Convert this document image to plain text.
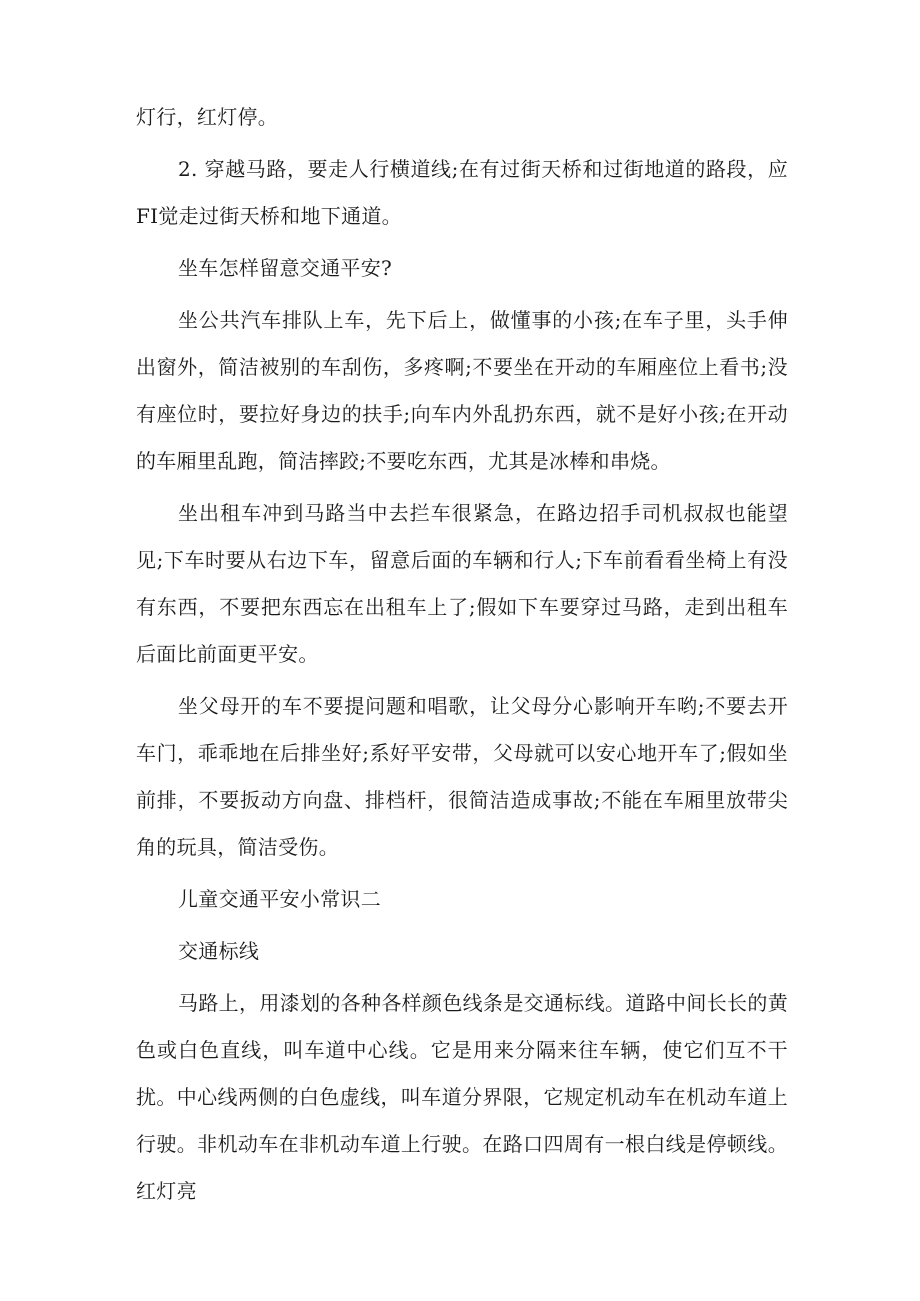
灯行，红灯停。

2. 穿越马路，要走人行横道线;在有过街天桥和过街地道的路段，应FI觉走过街天桥和地下通道。

坐车怎样留意交通平安?

坐公共汽车排队上车，先下后上，做懂事的小孩;在车子里，头手伸出窗外，简洁被别的车刮伤，多疼啊;不要坐在开动的车厢座位上看书;没有座位时，要拉好身边的扶手;向车内外乱扔东西，就不是好小孩;在开动的车厢里乱跑，简洁摔跤;不要吃东西，尤其是冰棒和串烧。

坐出租车冲到马路当中去拦车很紧急，在路边招手司机叔叔也能望见;下车时要从右边下车，留意后面的车辆和行人;下车前看看坐椅上有没有东西，不要把东西忘在出租车上了;假如下车要穿过马路，走到出租车后面比前面更平安。

坐父母开的车不要提问题和唱歌，让父母分心影响开车哟;不要去开车门，乖乖地在后排坐好;系好平安带，父母就可以安心地开车了;假如坐前排，不要扳动方向盘、排档杆，很简洁造成事故;不能在车厢里放带尖角的玩具，简洁受伤。

儿童交通平安小常识二

交通标线

马路上，用漆划的各种各样颜色线条是交通标线。道路中间长长的黄色或白色直线，叫车道中心线。它是用来分隔来往车辆，使它们互不干扰。中心线两侧的白色虚线，叫车道分界限，它规定机动车在机动车道上行驶。非机动车在非机动车道上行驶。在路口四周有一根白线是停顿线。红灯亮
